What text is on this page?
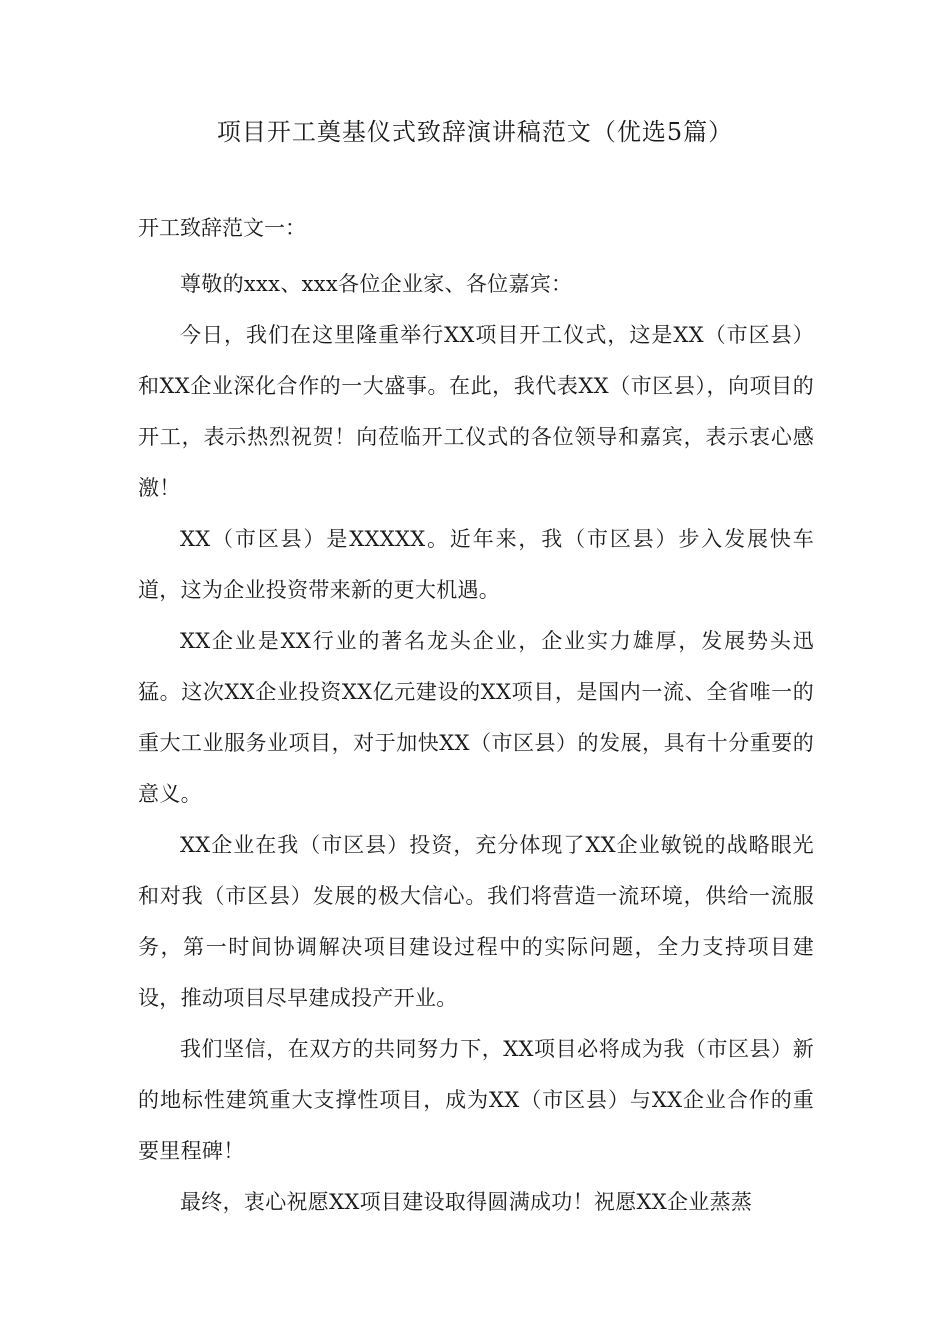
项目开工奠基仪式致辞演讲稿范文（优选5篇）
开工致辞范文一：

尊敬的xxx、xxx各位企业家、各位嘉宾：

今日，我们在这里隆重举行XX项目开工仪式，这是XX（市区县）和XX企业深化合作的一大盛事。在此，我代表XX（市区县），向项目的开工，表示热烈祝贺！向莅临开工仪式的各位领导和嘉宾，表示衷心感激！

XX（市区县）是XXXXX。近年来，我（市区县）步入发展快车道，这为企业投资带来新的更大机遇。

XX企业是XX行业的著名龙头企业，企业实力雄厚，发展势头迅猛。这次XX企业投资XX亿元建设的XX项目，是国内一流、全省唯一的重大工业服务业项目，对于加快XX（市区县）的发展，具有十分重要的意义。

XX企业在我（市区县）投资，充分体现了XX企业敏锐的战略眼光和对我（市区县）发展的极大信心。我们将营造一流环境，供给一流服务，第一时间协调解决项目建设过程中的实际问题，全力支持项目建设，推动项目尽早建成投产开业。

我们坚信，在双方的共同努力下，XX项目必将成为我（市区县）新的地标性建筑重大支撑性项目，成为XX（市区县）与XX企业合作的重要里程碑！

最终，衷心祝愿XX项目建设取得圆满成功！祝愿XX企业蒸蒸
